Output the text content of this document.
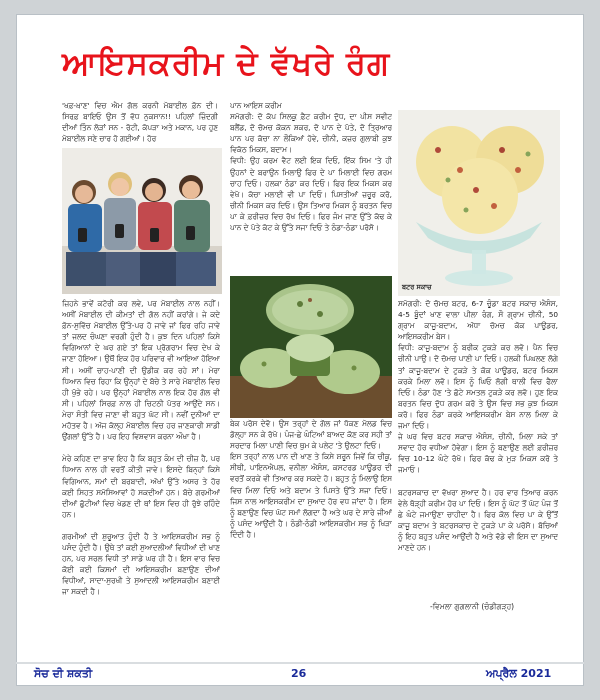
ਆਇਸਕਰੀਮ ਦੇ ਵੱਖਰੇ ਰੰਗ
'ਖਫ਼-ਖ਼ਾਣ' ਵਿਚ ਐਮ ਗੱਲ ਕਰਨੀ ਮੋਬਾਈਲ ਫ਼ੋਨ ਦੀ। ਸਿਰਫ਼ ਬਾਇਓ ਉਸ ਤੋਂ ਵੱਧ ਨੁਕਸਾਨ!! ਪਹਿਲਾਂ ਜ਼ਿੰਦਗੀ ਦੀਆਂ ਤਿੰਨ ਲੋੜਾਂ ਸਨ - ਰੋਟੀ, ਕੱਪੜਾ ਅਤੇ ਮਕਾਨ, ਪਰ ਹੁਣ ਮੋਬਾਈਲ ਸਣੇ ਚਾਰ ਹੋ ਗਈਆਂ। ਹੋਰ
ਜ਼ਿਹਨੇ ਭਾਵੇਂ ਕਟੋਰੀ ਕਰ ਲਵੇ, ਪਰ ਮੋਬਾਈਲ ਨਾਲ ਨਹੀਂ। ਅਸੀਂ ਮੋਬਾਈਲ ਦੀ ਕੀਮਤਾਂ ਦੀ ਗੱਲ ਨਹੀਂ ਕਰਾਂਗੇ। ਜੇ ਕਦੇ ਫ਼ੋਨ-ਸੁਵਿੱਚ ਮੋਬਾਈਲ ਉੱਤੇ-ਪਰ ਹੋ ਜਾਵੇ ਜਾਂ ਫਿਰ ਰਹਿ ਜਾਵੇ ਤਾਂ ਜਲਦ ਚੰਘਣਾ ਵਰਗੀ ਹੁੰਦੀ ਹੈ। ਕੁਝ ਦਿਨ ਪਹਿਲਾਂ ਕਿਸੇ ਵਿਗਿਆਨਾਂ ਦੇ ਘਰ ਗਏ ਤਾਂ ਇਕ ਪ੍ਰੋਗਰਾਮ ਵਿਚ ਦੇਖ ਕੇ ਜਾਣਾ ਹੋਇਆ। ਉਥੋਂ ਇਕ ਹੋਰ ਪਰਿਵਾਰ ਵੀ ਆਇਆ ਹੋਇਆ ਸੀ। ਅਸੀਂ ਚਾਹ-ਪਾਣੀ ਦੀ ਉਡੀਕ ਕਰ ਰਹੇ ਸਾਂ। ਮੇਰਾ ਧਿਆਨ ਵਿਚ ਰਿਹਾ ਕਿ ਉਨ੍ਹਾਂ ਦੇ ਬੱਚੇ ਤੇ ਸਾਰੇ ਮੋਬਾਈਲ ਵਿਚ ਹੀ ਖੁੱਭੇ ਰਹੇ। ਪਰ ਉਨ੍ਹਾਂ ਮੋਬਾਈਲ ਨਾਲ ਇਕ ਹੋਰ ਗੱਲ ਵੀ ਸੀ। ਪਹਿਲਾਂ ਸਿਰਫ਼ ਨਾਲ ਹੀ ਚਿਟਠੀ ਪੱਤਰ ਆਉਂਦੇ ਸਨ। ਮੇਰਾ ਸੰਤੀ ਵਿਚ ਜਾਣਾ ਵੀ ਬਹੁਤ ਘੱਟ ਸੀ। ਨਵੀਂ ਦੁਨੀਆਂ ਦਾ ਮਹੱਤਵ ਹੈ। ਅੱਜ ਕੱਲ੍ਹ ਮੋਬਾਈਲ ਵਿਚ ਹਰ ਜਾਣਕਾਰੀ ਸਾਡੀ ਉਂਗਲਾਂ ਉੱਤੇ ਹੈ। ਪਰ ਇਹ ਵਿਸ਼ਵਾਸ ਕਰਨਾ ਔਖਾ ਹੈ।

ਮੇਰੇ ਕਹਿਣ ਦਾ ਭਾਵ ਇਹ ਹੈ ਕਿ ਬਹੁਤ ਕੰਮ ਦੀ ਚੀਜ਼ ਹੈ, ਪਰ ਧਿਆਨ ਨਾਲ ਹੀ ਵਰਤੋਂ ਕੀਤੀ ਜਾਵੇ। ਇਸਦੇ ਬਿਨ੍ਹਾਂ ਕਿਸੇ ਵਿਗਿਆਨ, ਸਮਾਂ ਦੀ ਬਰਬਾਦੀ, ਅੱਖਾਂ ਉੱਤੇ ਅਸਰ ਤੇ ਹੋਰ ਕਈ ਸਿਹਤ ਸਮੱਸਿਆਵਾਂ ਹੋ ਸਕਦੀਆਂ ਹਨ। ਬੱਚੇ ਗਰਮੀਆਂ ਦੀਆਂ ਛੁੱਟੀਆਂ ਵਿਚ ਖੇਡਣ ਦੀ ਥਾਂ ਇਸ ਵਿਚ ਹੀ ਰੁੱਝੇ ਰਹਿੰਦੇ ਹਨ।

ਗਰਮੀਆਂ ਦੀ ਸ਼ੁਰੂਆਤ ਹੁੰਦੀ ਹੈ ਤੇ ਆਇਸਕਰੀਮ ਸਭ ਨੂੰ ਪਸੰਦ ਹੁੰਦੀ ਹੈ। ਉਥੇ ਤਾਂ ਕਈ ਸੁਆਦਲੀਆਂ ਵਿਧੀਆਂ ਦੀ ਖਾਣ ਹਨ, ਪਰ ਸਰਲ ਵਿਧੀ ਤਾਂ ਸਾਡੇ ਘਰ ਹੀ ਹੈ। ਇਸ ਵਾਰ ਵਿਚ ਕੋਈ ਕਈ ਕਿਸਮਾਂ ਦੀ ਆਇਸਕਰੀਮ ਬਣਾਉਣ ਦੀਆਂ ਵਿਧੀਆਂ, ਸਾਦਾ-ਸੁਰਖੀ ਤੇ ਸੁਆਦਲੀ ਆਇਸਕਰੀਮ ਬਣਾਈ ਜਾ ਸਕਦੀ ਹੈ।
ਪਾਨ ਆਇਸ ਕਰੀਮ
ਸਮੱਗਰੀ: ਦੋ ਕੱਪ ਸਿਲਕੂ ਫ਼ੈਟ ਕਰੀਮ ਦੁੱਧ, ਦਾ ਪੀਸ ਸਵੀਟ ਬਲੈਂਡ, ਦੋ ਚੱਮਚ ਕੋਕਨ ਸ਼ਕਰ, ਦੋ ਪਾਨ ਦੇ ਪੱਤੇ, ਦੋ ਤ੍ਰਿਆਰ ਪਾਨ ਪਰ ਕੱਚਾ ਨਾ ਲੌਕਿਆਂ ਹੋਵੇ, ਚੀਨੀ, ਕਜ਼ਰ ਗੁਲਾਬੀ ਕੁਝ ਵਿਕੱਠ ਮਿਕਸ, ਬਦਾਮ।
ਵਿਧੀ: ਉਹ ਕਰਮ ਵੈਟ ਲਈ ਇਕ ਦਿਓ, ਇੱਕ ਸਿਮ 'ਤੇ ਹੀ ਉਹਨਾਂ ਦੇ ਬਰਾਉਨ ਮਿਲਾਉ ਫਿਰ ਦੇ ਪਾ ਮਿਲਾਈ ਵਿਚ ਗਰਮ ਚਾਹ ਦਿਓ। ਹਲਕਾ ਠੰਡਾ ਕਰ ਦਿਓ। ਫਿਰ ਇਕ ਮਿਕਸ ਕਰ ਵੇਖੋ। ਕੱਚਾ ਮਲਾਈ ਵੀ ਪਾ ਦਿਓ। ਪਿਸਤੀਆਂ ਜ਼ਰੂਰ ਕਰੋ, ਚੀਨੀ ਮਿਕਸ ਕਰ ਦਿਓ। ਉਸ ਤਿਆਰ ਮਿਕਸ ਨੂੰ ਬਰਤਨ ਵਿਚ ਪਾ ਕੇ ਫ਼ਰੀਜ਼ਰ ਵਿਚ ਰੱਖ ਦਿਓ। ਫਿਰ ਜੰਮ ਜਾਣ ਉੱਤੇ ਕੱਢ ਕੇ ਪਾਨ ਦੇ ਪੱਤੇ ਕੱਟ ਕੇ ਉੱਤੇ ਸਜਾ ਦਿਓ ਤੇ ਠੰਡਾ-ਠੰਡਾ ਪਰੋਸੋ।
ਬੇਕ ਪਰੋਸ ਦੇਵੋ। ਉਸ ਤਰ੍ਹਾਂ ਦੇ ਗੋਲ ਜਾਂ ਧੱਕਣ ਮੋਲਡ ਵਿਚ ਡੋਲ੍ਹਾ ਸਨ ਕੇ ਰੱਖੋ। ਪੰਜ-ਛੇ ਘੰਟਿਆਂ ਬਾਅਦ ਕੋਣ ਕਰ ਸਹੀ ਤਾਂ ਸਰਦਾਰ ਮਿਲਾ ਪਾਣੀ ਵਿਚ ਥੁਮ ਕੇ ਪਲੇਟ 'ਤੇ ਉਲਟਾ ਦਿਓ।
ਇਸ ਤਰ੍ਹਾਂ ਨਾਲ ਪਾਨ ਦੀ ਖਾਣ ਤੇ ਕਿਸੇ ਸ਼ਰੂਨ ਜਿਵੇਂ ਕਿ ਚੀਕੂ, ਸੀਥੀ, ਪਾਇਨਐਪਲ, ਵਨੀਲਾ ਐਸੰਸ, ਕਸਟਰਡ ਪਾਊਡਰ ਦੀ ਵਰਤੋਂ ਕਰਕੇ ਵੀ ਤਿਆਰ ਕਰ ਸਕਦੇ ਹੋ। ਬਹੁਤ ਨੂੰ ਮਿਲਾਉ ਇਸ ਵਿਚ ਮਿਲਾ ਦਿਓ ਅਤੇ ਬਦਾਮ ਤੇ ਪਿਸਤੇ ਉੱਤੇ ਸਜਾ ਦਿਓ। ਜਿਸ ਨਾਲ ਆਇਸਕਰੀਮ ਦਾ ਸੁਆਦ ਹੋਰ ਵਧ ਜਾਂਦਾ ਹੈ। ਇਸ ਨੂੰ ਬਣਾਉਣ ਵਿਚ ਘੱਟ ਸਮਾਂ ਲੱਗਦਾ ਹੈ ਅਤੇ ਘਰ ਦੇ ਸਾਰੇ ਜੀਆਂ ਨੂੰ ਪਸੰਦ ਆਉਂਦੀ ਹੈ। ਠੰਡੀ-ਠੰਡੀ ਆਇਸਕਰੀਮ ਸਭ ਨੂੰ ਖਿੜਾ ਦਿੰਦੀ ਹੈ।
ਬਟਰ ਸਕਾਚ
ਸਮੱਗਰੀ: ਦੋ ਚੱਮਚ ਬਟਰ, 6-7 ਚੂੰਡਾ ਬਟਰ ਸਕਾਚ ਐਸੰਸ, 4-5 ਬੂੰਦਾਂ ਖਾਣ ਵਾਲਾ ਪੀਲਾ ਰੰਗ, ਸੌ ਗ੍ਰਾਮ ਚੀਨੀ, 50 ਗ੍ਰਾਮ ਕਾਜੂ-ਬਦਾਮ, ਅੱਧਾ ਚੱਮਚ ਕੋਕ ਪਾਊਡਰ, ਆਇਸਕਰੀਮ ਬੇਸ।
ਵਿਧੀ: ਕਾਜੂ-ਬਦਾਮ ਨੂੰ ਬਰੀਕ ਟੁਕੜੇ ਕਰ ਲਵੋ। ਪੈਨ ਵਿਚ ਚੀਨੀ ਪਾਉ। ਦੋ ਚੱਮਚ ਪਾਣੀ ਪਾ ਦਿਓ। ਹਲਕੀ ਪਿਘਲਣ ਲੱਗੇ ਤਾਂ ਕਾਜੂ-ਬਦਾਮ ਦੇ ਟੁਕੜੇ ਤੇ ਕੋਕ ਪਾਊਡਰ, ਬਟਰ ਮਿਕਸ ਕਰਕੇ ਮਿਲਾ ਲਵੋ। ਇਸ ਨੂੰ ਘਿਓ ਲੱਗੀ ਥਾਲੀ ਵਿਚ ਫੈਲਾ ਦਿਓ। ਠੰਡਾ ਹੋਣ 'ਤੇ ਛੋਟੇ ਸਮਤਲ ਟੁਕੜੇ ਕਰ ਲਵੋ। ਹੁਣ ਇਕ ਬਰਤਨ ਵਿਚ ਦੁੱਧ ਗਰਮ ਕਰੋ ਤੇ ਉਸ ਵਿਚ ਸਭ ਕੁਝ ਮਿਕਸ ਕਰੋ। ਫਿਰ ਠੰਡਾ ਕਰਕੇ ਆਇਸਕਰੀਮ ਬੇਸ ਨਾਲ ਮਿਲਾ ਕੇ ਜਮਾ ਦਿਓ।
ਜੇ ਘਰ ਵਿਚ ਬਟਰ ਸਕਾਚ ਐਸੰਸ, ਚੀਨੀ, ਮਿਲਾ ਸਕੇ ਤਾਂ ਸਵਾਦ ਹੋਰ ਵਧੀਆ ਹੋਵੇਗਾ। ਇਸ ਨੂੰ ਬਣਾਉਣ ਲਈ ਫ਼ਰੀਜ਼ਰ ਵਿਚ 10-12 ਘੰਟੇ ਰੱਖੋ। ਫਿਰ ਕੱਢ ਕੇ ਮੁੜ ਮਿਕਸ ਕਰੋ ਤੇ ਜਮਾਓ।

ਬਟਰਸਕਾਚ ਦਾ ਵੱਖਰਾ ਸੁਆਦ ਹੈ। ਹਰ ਵਾਰ ਤਿਆਰ ਕਰਨ ਵੇਲੇ ਥੋੜ੍ਹੀ ਕਰੀਮ ਹੋਰ ਪਾ ਦਿਓ। ਇਸ ਨੂੰ ਘੱਟ ਤੋਂ ਘੱਟ ਪੰਜ ਤੋਂ ਛੇ ਘੰਟੇ ਜਮਾਉਣਾ ਚਾਹੀਦਾ ਹੈ। ਫਿਰ ਕੋਲ ਵਿਚ ਪਾ ਕੇ ਉੱਤੋਂ ਕਾਜੂ ਬਦਾਮ ਤੇ ਬਟਰਸਕਾਚ ਦੇ ਟੁਕੜੇ ਪਾ ਕੇ ਪਰੋਸੋ। ਬੱਚਿਆਂ ਨੂੰ ਇਹ ਬਹੁਤ ਪਸੰਦ ਆਉਂਦੀ ਹੈ ਅਤੇ ਵੱਡੇ ਵੀ ਇਸ ਦਾ ਸੁਆਦ ਮਾਣਦੇ ਹਨ।
-ਵਿਮਲਾ ਗੁਗਲਾਨੀ (ਚੰਡੀਗੜ੍ਹ)
ਸੋਚ ਦੀ ਸ਼ਕਤੀ	26	ਅਪ੍ਰੈਲ 2021
